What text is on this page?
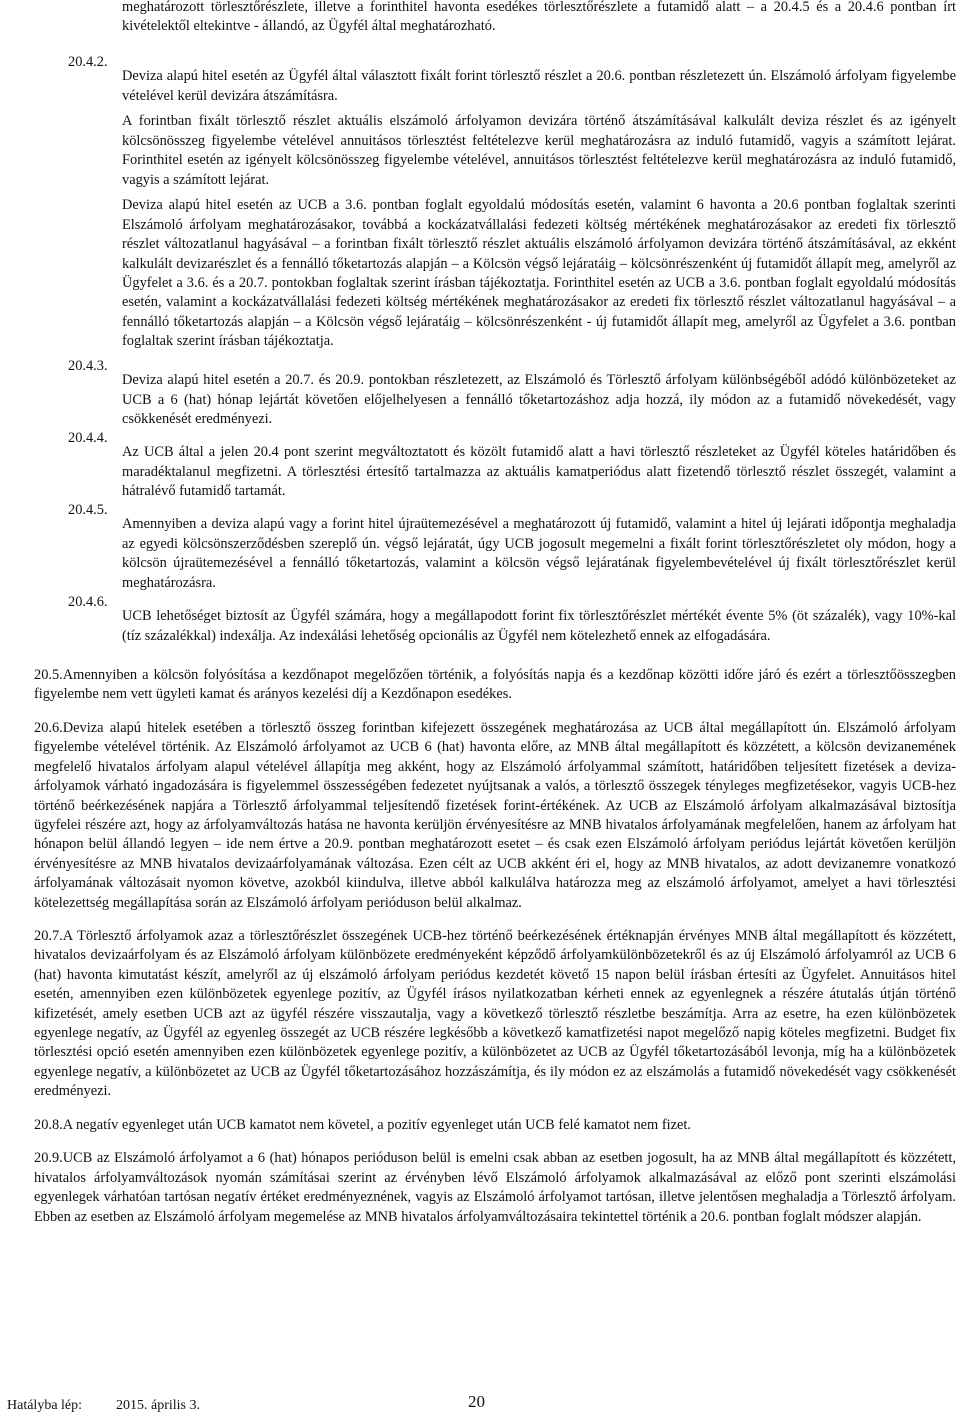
meghatározott törlesztőrészlete, illetve a forinthitel havonta esedékes törlesztőrészlete a futamidő alatt – a 20.4.5 és a 20.4.6 pontban írt kivételektől eltekintve - állandó, az Ügyfél által meghatározható.

20.4.2.

Deviza alapú hitel esetén az Ügyfél által választott fixált forint törlesztő részlet a 20.6. pontban részletezett ún. Elszámoló árfolyam figyelembe vételével kerül devizára átszámításra.

A forintban fixált törlesztő részlet aktuális elszámoló árfolyamon devizára történő átszámításával kalkulált deviza részlet és az igényelt kölcsönösszeg figyelembe vételével annuitásos törlesztést feltételezve kerül meghatározásra az induló futamidő, vagyis a számított lejárat. Forinthitel esetén az igényelt kölcsönösszeg figyelembe vételével, annuitásos törlesztést feltételezve kerül meghatározásra az induló futamidő, vagyis a számított lejárat.

Deviza alapú hitel esetén az UCB a 3.6. pontban foglalt egyoldalú módosítás esetén, valamint 6 havonta a 20.6 pontban foglaltak szerinti Elszámoló árfolyam meghatározásakor, továbbá a kockázatvállalási fedezeti költség mértékének meghatározásakor az eredeti fix törlesztő részlet változatlanul hagyásával – a forintban fixált törlesztő részlet aktuális elszámoló árfolyamon devizára történő átszámításával, az ekként kalkulált devizarészlet és a fennálló tőketartozás alapján – a Kölcsön végső lejáratáig – kölcsönrészenként új futamidőt állapít meg, amelyről az Ügyfelet a 3.6. és a 20.7. pontokban foglaltak szerint írásban tájékoztatja. Forinthitel esetén az UCB a 3.6. pontban foglalt egyoldalú módosítás esetén, valamint a kockázatvállalási fedezeti költség mértékének meghatározásakor az eredeti fix törlesztő részlet változatlanul hagyásával – a fennálló tőketartozás alapján – a Kölcsön végső lejáratáig – kölcsönrészenként - új futamidőt állapít meg, amelyről az Ügyfelet a 3.6. pontban foglaltak szerint írásban tájékoztatja.

20.4.3.

Deviza alapú hitel esetén a 20.7. és 20.9. pontokban részletezett, az Elszámoló és Törlesztő árfolyam különbségéből adódó különbözeteket az UCB a 6 (hat) hónap lejártát követően előjelhelyesen a fennálló tőketartozáshoz adja hozzá, ily módon az a futamidő növekedését, vagy csökkenését eredményezi.

20.4.4.

Az UCB által a jelen 20.4 pont szerint megváltoztatott és közölt futamidő alatt a havi törlesztő részleteket az Ügyfél köteles határidőben és maradéktalanul megfizetni. A törlesztési értesítő tartalmazza az aktuális kamatperiódus alatt fizetendő törlesztő részlet összegét, valamint a hátralévő futamidő tartamát.

20.4.5.

Amennyiben a deviza alapú vagy a forint hitel újraütemezésével a meghatározott új futamidő, valamint a hitel új lejárati időpontja meghaladja az egyedi kölcsönszerződésben szereplő ún. végső lejáratát, úgy UCB jogosult megemelni a fixált forint törlesztőrészletet oly módon, hogy a kölcsön újraütemezésével a fennálló tőketartozás, valamint a kölcsön végső lejáratának figyelembevételével új fixált törlesztőrészlet kerül meghatározásra.

20.4.6.

UCB lehetőséget biztosít az Ügyfél számára, hogy a megállapodott forint fix törlesztőrészlet mértékét évente 5% (öt százalék), vagy 10%-kal (tíz százalékkal) indexálja. Az indexálási lehetőség opcionális az Ügyfél nem kötelezhető ennek az elfogadására.

20.5.Amennyiben a kölcsön folyósítása a kezdőnapot megelőzően történik, a folyósítás napja és a kezdőnap közötti időre járó és ezért a törlesztőösszegben figyelembe nem vett ügyleti kamat és arányos kezelési díj a Kezdőnapon esedékes.

20.6.Deviza alapú hitelek esetében a törlesztő összeg forintban kifejezett összegének meghatározása az UCB által megállapított ún. Elszámoló árfolyam figyelembe vételével történik. Az Elszámoló árfolyamot az UCB 6 (hat) havonta előre, az MNB által megállapított és közzétett, a kölcsön devizanemének megfelelő hivatalos árfolyam alapul vételével állapítja meg akként, hogy az Elszámoló árfolyammal számított, határidőben teljesített fizetések a deviza-árfolyamok várható ingadozására is figyelemmel összességében fedezetet nyújtsanak a valós, a törlesztő összegek tényleges megfizetésekor, vagyis UCB-hez történő beérkezésének napjára a Törlesztő árfolyammal teljesítendő fizetések forint-értékének. Az UCB az Elszámoló árfolyam alkalmazásával biztosítja ügyfelei részére azt, hogy az árfolyamváltozás hatása ne havonta kerüljön érvényesítésre az MNB hivatalos árfolyamának megfelelően, hanem az árfolyam hat hónapon belül állandó legyen – ide nem értve a 20.9. pontban meghatározott esetet – és csak ezen Elszámoló árfolyam periódus lejártát követően kerüljön érvényesítésre az MNB hivatalos devizaárfolyamának változása. Ezen célt az UCB akként éri el, hogy az MNB hivatalos, az adott devizanemre vonatkozó árfolyamának változásait nyomon követve, azokból kiindulva, illetve abból kalkulálva határozza meg az elszámoló árfolyamot, amelyet a havi törlesztési kötelezettség megállapítása során az Elszámoló árfolyam perióduson belül alkalmaz.

20.7.A Törlesztő árfolyamok azaz a törlesztőrészlet összegének UCB-hez történő beérkezésének értéknapján érvényes MNB által megállapított és közzétett, hivatalos devizaárfolyam és az Elszámoló árfolyam különbözete eredményeként képződő árfolyamkülönbözetekről és az új Elszámoló árfolyamról az UCB 6 (hat) havonta kimutatást készít, amelyről az új elszámoló árfolyam periódus kezdetét követő 15 napon belül írásban értesíti az Ügyfelet. Annuitásos hitel esetén, amennyiben ezen különbözetek egyenlege pozitív, az Ügyfél írásos nyilatkozatban kérheti ennek az egyenlegnek a részére átutalás útján történő kifizetését, amely esetben UCB azt az ügyfél részére visszautalja, vagy a következő törlesztő részletbe beszámítja. Arra az esetre, ha ezen különbözetek egyenlege negatív, az Ügyfél az egyenleg összegét az UCB részére legkésőbb a következő kamatfizetési napot megelőző napig köteles megfizetni. Budget fix törlesztési opció esetén amennyiben ezen különbözetek egyenlege pozitív, a különbözetet az UCB az Ügyfél tőketartozásából levonja, míg ha a különbözetek egyenlege negatív, a különbözetet az UCB az Ügyfél tőketartozásához hozzászámítja, és ily módon ez az elszámolás a futamidő növekedését vagy csökkenését eredményezi.

20.8.A negatív egyenleget után UCB kamatot nem követel, a pozitív egyenleget után UCB felé kamatot nem fizet.

20.9.UCB az Elszámoló árfolyamot a 6 (hat) hónapos perióduson belül is emelni csak abban az esetben jogosult, ha az MNB által megállapított és közzétett, hivatalos árfolyamváltozások nyomán számításai szerint az érvényben lévő Elszámoló árfolyamok alkalmazásával az előző pont szerinti elszámolási egyenlegek várhatóan tartósan negatív értéket eredményeznének, vagyis az Elszámoló árfolyamot tartósan, illetve jelentősen meghaladja a Törlesztő árfolyam. Ebben az esetben az Elszámoló árfolyam megemelése az MNB hivatalos árfolyamváltozásaira tekintettel történik a 20.6. pontban foglalt módszer alapján.

Hatályba lép: 2015. április 3.	20
